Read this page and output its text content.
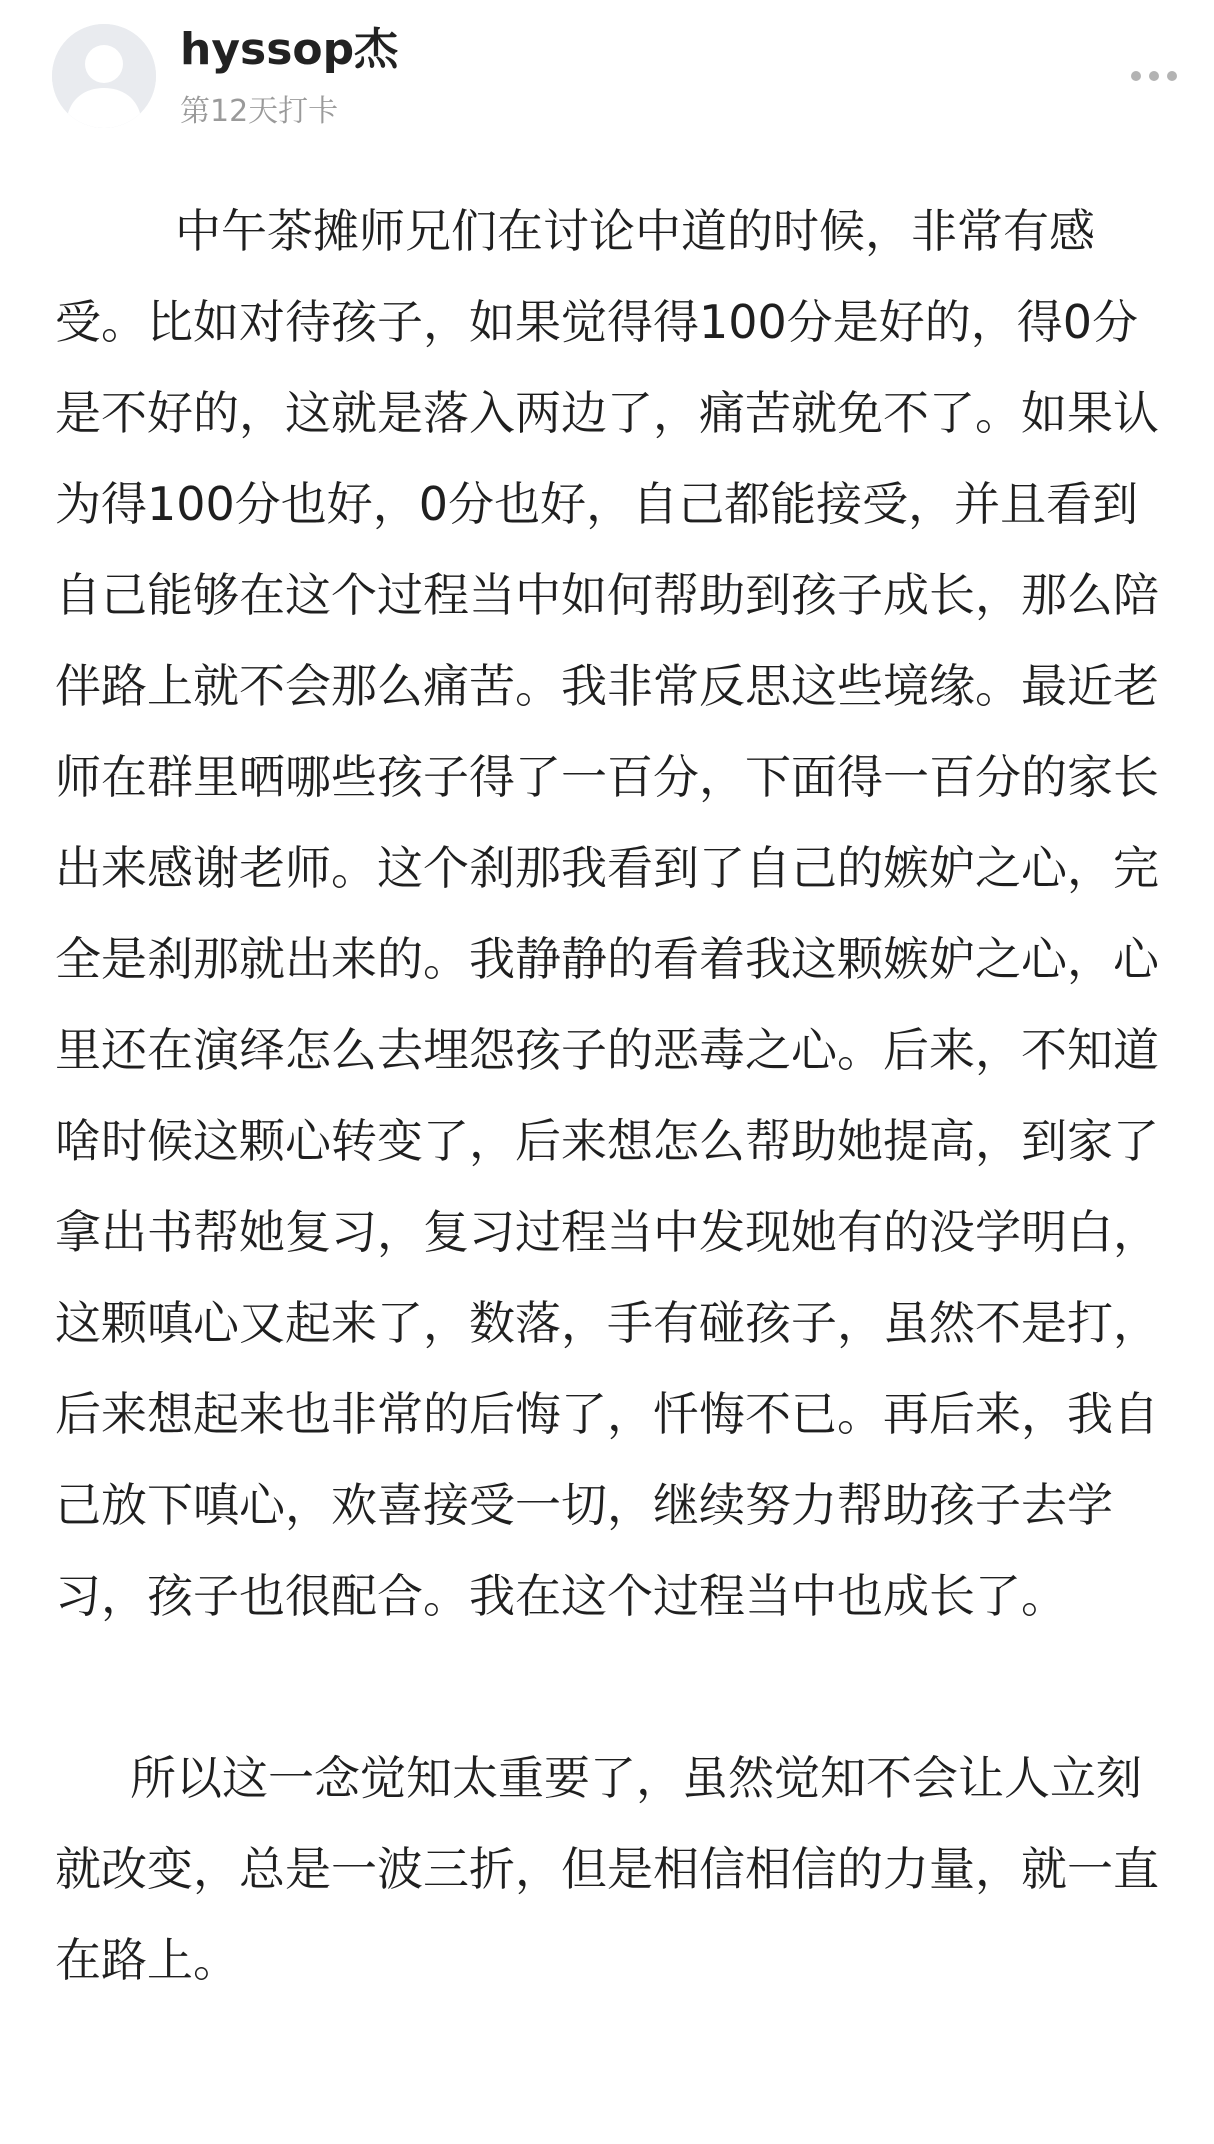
hyssop杰
第12天打卡

中午茶摊师兄们在讨论中道的时候，非常有感受。比如对待孩子，如果觉得得100分是好的，得0分是不好的，这就是落入两边了，痛苦就免不了。如果认为得100分也好，0分也好，自己都能接受，并且看到自己能够在这个过程当中如何帮助到孩子成长，那么陪伴路上就不会那么痛苦。我非常反思这些境缘。最近老师在群里晒哪些孩子得了一百分，下面得一百分的家长出来感谢老师。这个刹那我看到了自己的嫉妒之心，完全是刹那就出来的。我静静的看着我这颗嫉妒之心，心里还在演绎怎么去埋怨孩子的恶毒之心。后来，不知道啥时候这颗心转变了，后来想怎么帮助她提高，到家了拿出书帮她复习，复习过程当中发现她有的没学明白，这颗嗔心又起来了，数落，手有碰孩子，虽然不是打，后来想起来也非常的后悔了，忏悔不已。再后来，我自己放下嗔心，欢喜接受一切，继续努力帮助孩子去学习，孩子也很配合。我在这个过程当中也成长了。

所以这一念觉知太重要了，虽然觉知不会让人立刻就改变，总是一波三折，但是相信相信的力量，就一直在路上。
